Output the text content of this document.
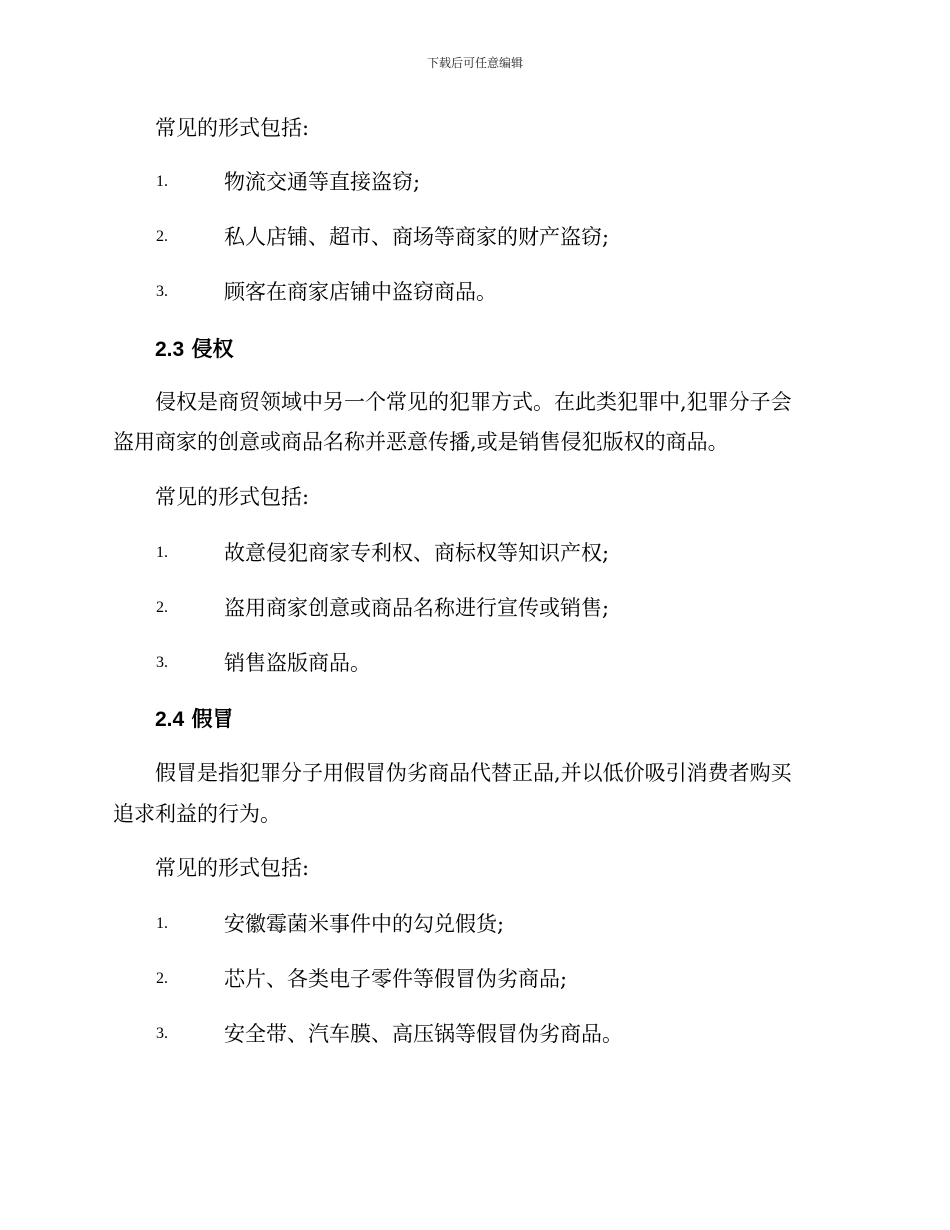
下载后可任意编辑
常见的形式包括:
1.	物流交通等直接盗窃;
2.	私人店铺、超市、商场等商家的财产盗窃;
3.	顾客在商家店铺中盗窃商品。
2.3 侵权
侵权是商贸领域中另一个常见的犯罪方式。在此类犯罪中,犯罪分子会
盗用商家的创意或商品名称并恶意传播,或是销售侵犯版权的商品。
常见的形式包括:
1.	故意侵犯商家专利权、商标权等知识产权;
2.	盗用商家创意或商品名称进行宣传或销售;
3.	销售盗版商品。
2.4 假冒
假冒是指犯罪分子用假冒伪劣商品代替正品,并以低价吸引消费者购买
追求利益的行为。
常见的形式包括:
1.	安徽霉菌米事件中的勾兑假货;
2.	芯片、各类电子零件等假冒伪劣商品;
3.	安全带、汽车膜、高压锅等假冒伪劣商品。
